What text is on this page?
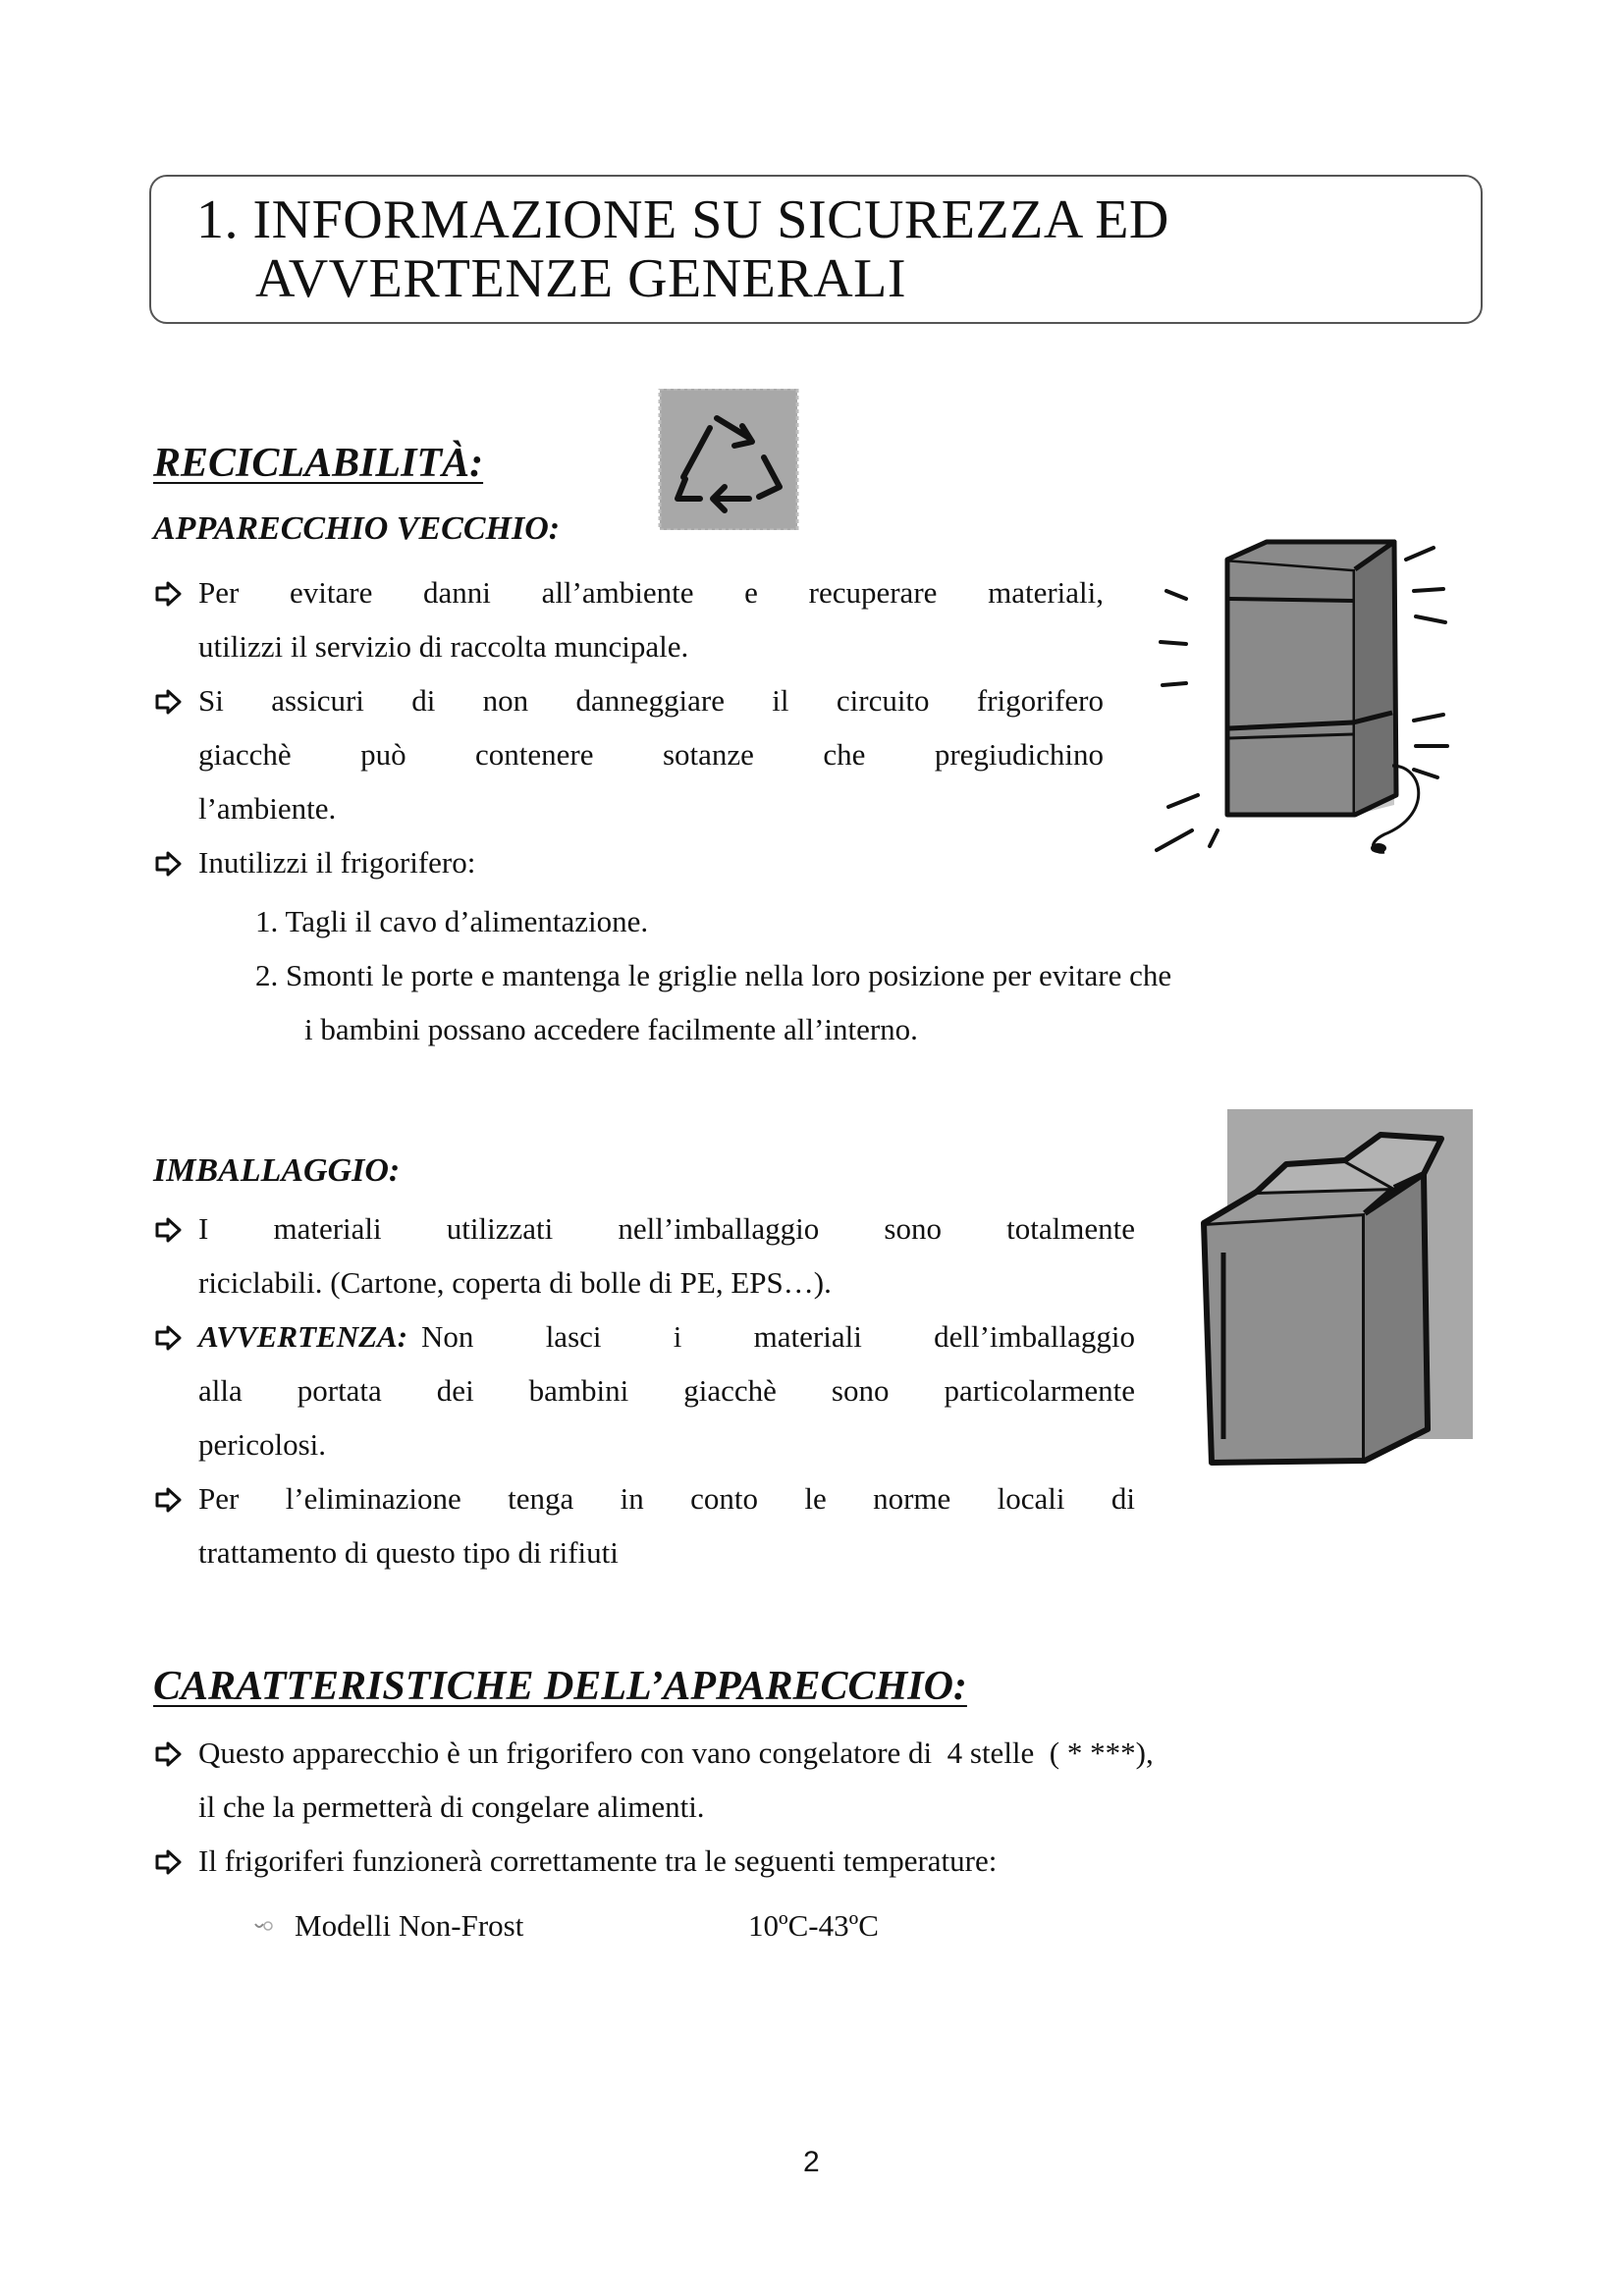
1. INFORMAZIONE SU SICUREZZA ED
AVVERTENZE GENERALI
RECICLABILITÀ:
APPARECCHIO VECCHIO:
Per evitare danni all’ambiente e recuperare materiali,
utilizzi il servizio di raccolta muncipale.
Si assicuri di non danneggiare il circuito frigorifero
giacchè può contenere sotanze che pregiudichino
l’ambiente.
Inutilizzi il frigorifero:
1. Tagli il cavo d’alimentazione.
2. Smonti le porte e mantenga le griglie nella loro posizione per evitare che
i bambini possano accedere facilmente all’interno.
IMBALLAGGIO:
I materiali utilizzati nell’imballaggio sono totalmente
riciclabili. (Cartone, coperta di bolle di PE, EPS…).
AVVERTENZA: Non lasci i materiali dell’imballaggio
alla portata dei bambini giacchè sono particolarmente
pericolosi.
Per l’eliminazione tenga in conto le norme locali di
trattamento di questo tipo di rifiuti
CARATTERISTICHE DELL’APPARECCHIO:
Questo apparecchio è un frigorifero con vano congelatore di  4 stelle  ( * ***),
il che la permetterà di congelare alimenti.
Il frigoriferi funzionerà correttamente tra le seguenti temperature:
Modelli Non-Frost	10ºC-43ºC
2
